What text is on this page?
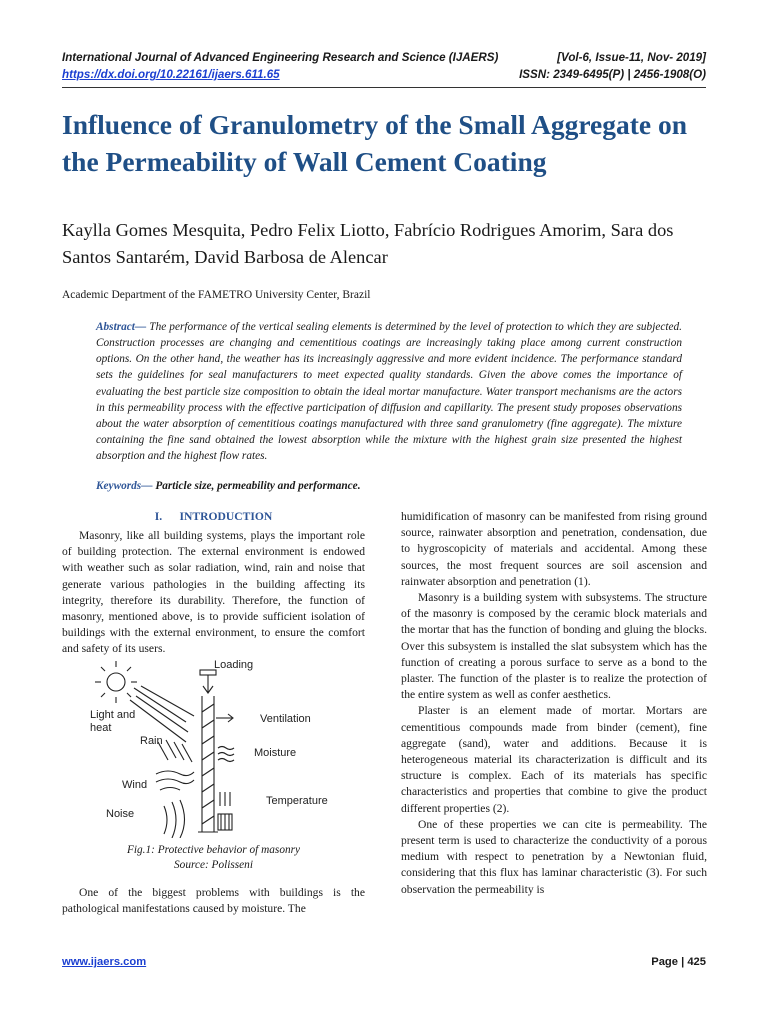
International Journal of Advanced Engineering Research and Science (IJAERS)	[Vol-6, Issue-11, Nov- 2019]
https://dx.doi.org/10.22161/ijaers.611.65	ISSN: 2349-6495(P) | 2456-1908(O)
Influence of Granulometry of the Small Aggregate on the Permeability of Wall Cement Coating
Kaylla Gomes Mesquita, Pedro Felix Liotto, Fabrício Rodrigues Amorim, Sara dos Santos Santarém, David Barbosa de Alencar
Academic Department of the FAMETRO University Center, Brazil
Abstract— The performance of the vertical sealing elements is determined by the level of protection to which they are subjected. Construction processes are changing and cementitious coatings are increasingly taking place among current construction options. On the other hand, the weather has its increasingly aggressive and more evident incidence. The performance standard sets the guidelines for seal manufacturers to meet expected quality standards. Given the above comes the importance of evaluating the best particle size composition to obtain the ideal mortar manufacture. Water transport mechanisms are the actors in this permeability process with the effective participation of diffusion and capillarity. The present study proposes observations about the water absorption of cementitious coatings manufactured with three sand granulometry (fine aggregate). The mixture containing the fine sand obtained the lowest absorption while the mixture with the highest grain size presented the highest absorption and the highest flow rates.
Keywords— Particle size, permeability and performance.
I.      INTRODUCTION

Masonry, like all building systems, plays the important role of building protection. The external environment is endowed with weather such as solar radiation, wind, rain and noise that generate various pathologies in the building affecting its integrity, therefore its durability. Therefore, the function of masonry, mentioned above, is to provide sufficient isolation of buildings with the external environment, to ensure the comfort and safety of its users.

Loading
Light and
heat
Ventilation
Rain
Moisture
Wind
Temperature
Noise
Fig.1: Protective behavior of masonry
Source: Polisseni

One of the biggest problems with buildings is the pathological manifestations caused by moisture. The

humidification of masonry can be manifested from rising ground source, rainwater absorption and penetration, condensation, due to hygroscopicity of materials and accidental. Among these sources, the most frequent sources are soil ascension and rainwater absorption and penetration (1).

Masonry is a building system with subsystems. The structure of the masonry is composed by the ceramic block materials and the mortar that has the function of bonding and gluing the blocks. Over this subsystem is installed the slat subsystem which has the function of creating a porous surface to serve as a bond to the plaster. The function of the plaster is to realize the protection of the entire system as well as confer aesthetics.

Plaster is an element made of mortar. Mortars are cementitious compounds made from binder (cement), fine aggregate (sand), water and additions. Because it is heterogeneous material its characterization is difficult and its structure is complex. Each of its materials has specific characteristics and properties that combine to give the product different properties (2).

One of these properties we can cite is permeability. The present term is used to characterize the conductivity of a porous medium with respect to penetration by a Newtonian fluid, considering that this flux has laminar characteristic (3). For such observation the permeability is

www.ijaers.com	Page | 425
